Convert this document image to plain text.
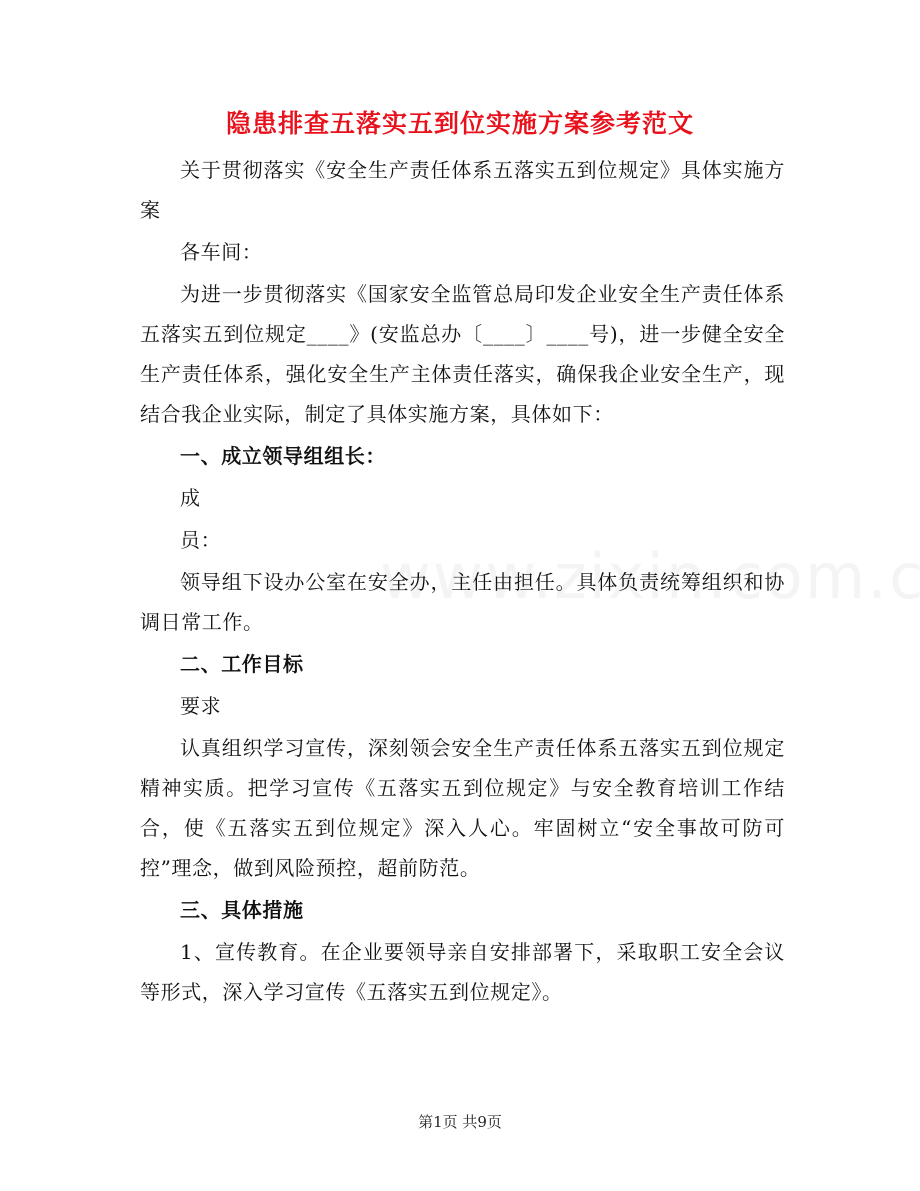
隐患排查五落实五到位实施方案参考范文

关于贯彻落实《安全生产责任体系五落实五到位规定》具体实施方案

各车间：

为进一步贯彻落实《国家安全监管总局印发企业安全生产责任体系五落实五到位规定____》(安监总办〔____〕____号)，进一步健全安全生产责任体系，强化安全生产主体责任落实，确保我企业安全生产，现结合我企业实际，制定了具体实施方案，具体如下：

一、成立领导组组长：

成

员：

领导组下设办公室在安全办，主任由担任。具体负责统筹组织和协调日常工作。

二、工作目标

要求

认真组织学习宣传，深刻领会安全生产责任体系五落实五到位规定精神实质。把学习宣传《五落实五到位规定》与安全教育培训工作结合，使《五落实五到位规定》深入人心。牢固树立“安全事故可防可控”理念，做到风险预控，超前防范。

三、具体措施

1、宣传教育。在企业要领导亲自安排部署下，采取职工安全会议等形式，深入学习宣传《五落实五到位规定》。

第1页 共9页
